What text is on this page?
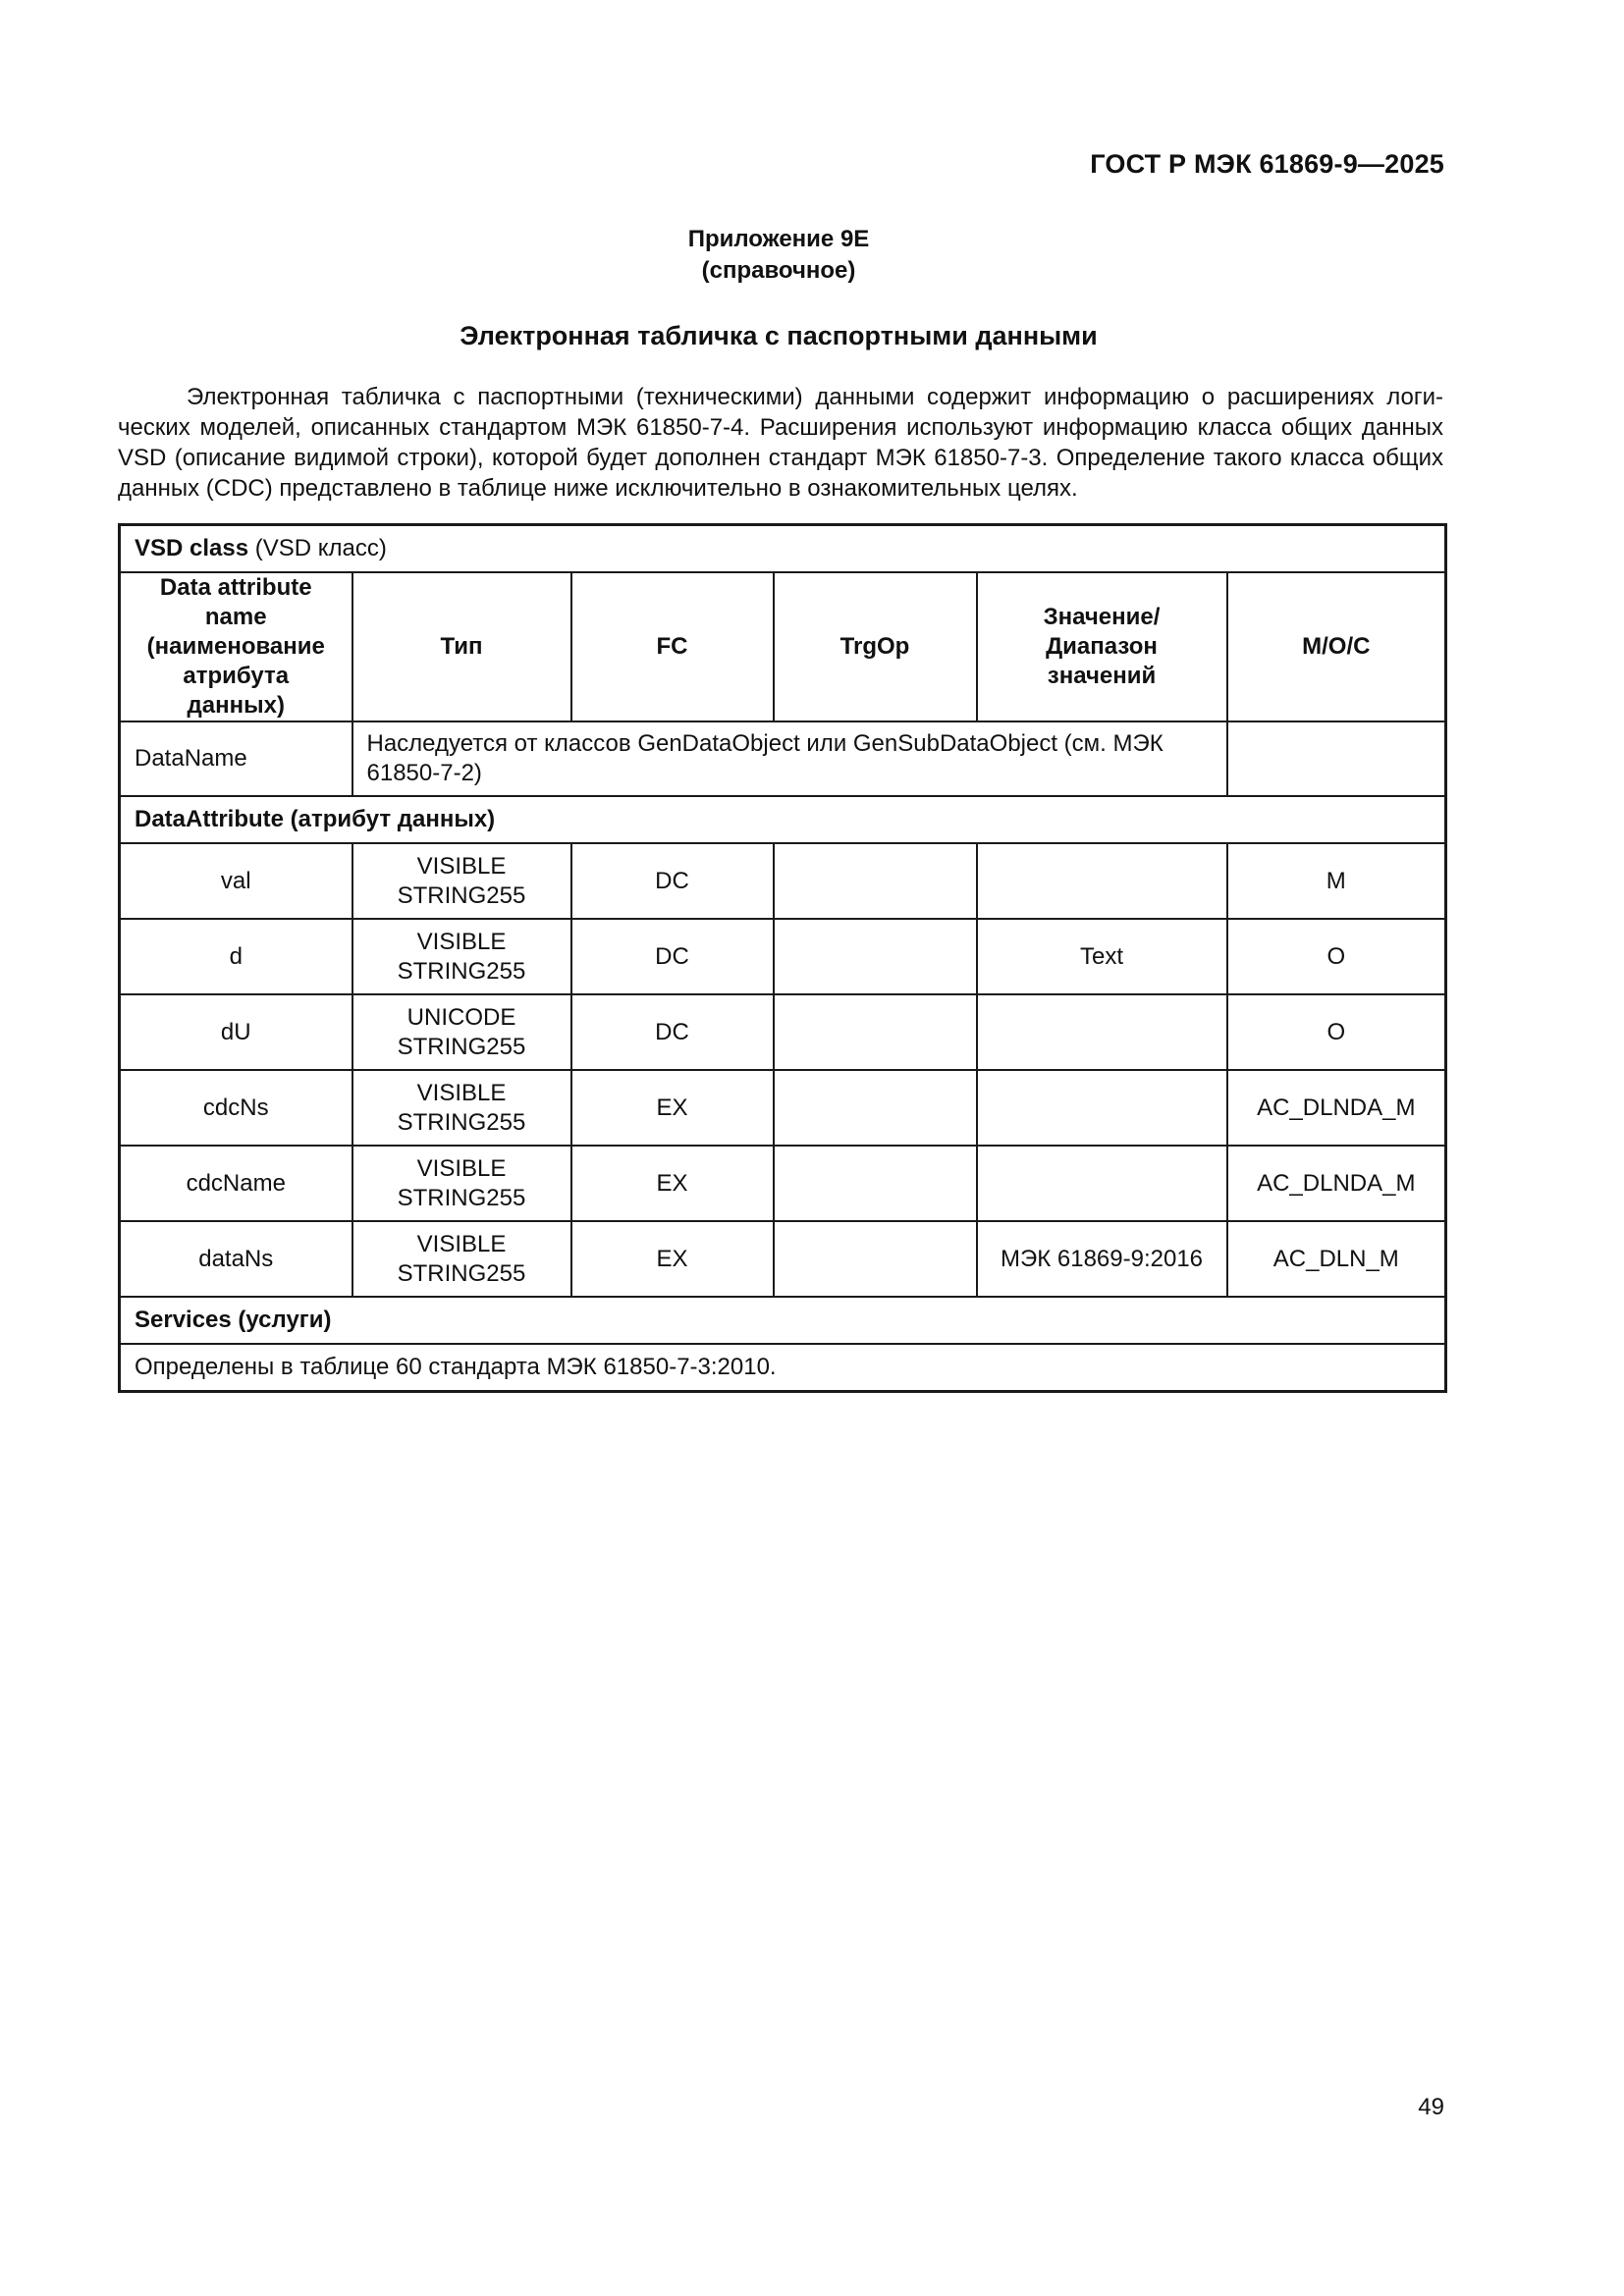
ГОСТ Р МЭК 61869-9—2025
Приложение 9Е
(справочное)
Электронная табличка с паспортными данными
Электронная табличка с паспортными (техническими) данными содержит информацию о расширениях логических моделей, описанных стандартом МЭК 61850-7-4. Расширения используют информацию класса общих данных VSD (описание видимой строки), которой будет дополнен стандарт МЭК 61850-7-3. Определение такого класса общих данных (CDC) представлено в таблице ниже исключительно в ознакомительных целях.
VSD class (VSD класс)					
Data attribute name (наименование атрибута данных)	Тип	FC	TrgOp	Значение/ Диапазон значений	M/O/C
DataName	Наследуется от классов GenDataObject или GenSubDataObject (см. МЭК 61850-7-2)				
DataAttribute (атрибут данных)					
val	VISIBLE STRING255	DC			M
d	VISIBLE STRING255	DC		Text	O
dU	UNICODE STRING255	DC			O
cdcNs	VISIBLE STRING255	EX			AC_DLNDA_M
cdcName	VISIBLE STRING255	EX			AC_DLNDA_M
dataNs	VISIBLE STRING255	EX		МЭК 61869-9:2016	AC_DLN_M
Services (услуги)					
Определены в таблице 60 стандарта МЭК 61850-7-3:2010.					
49
